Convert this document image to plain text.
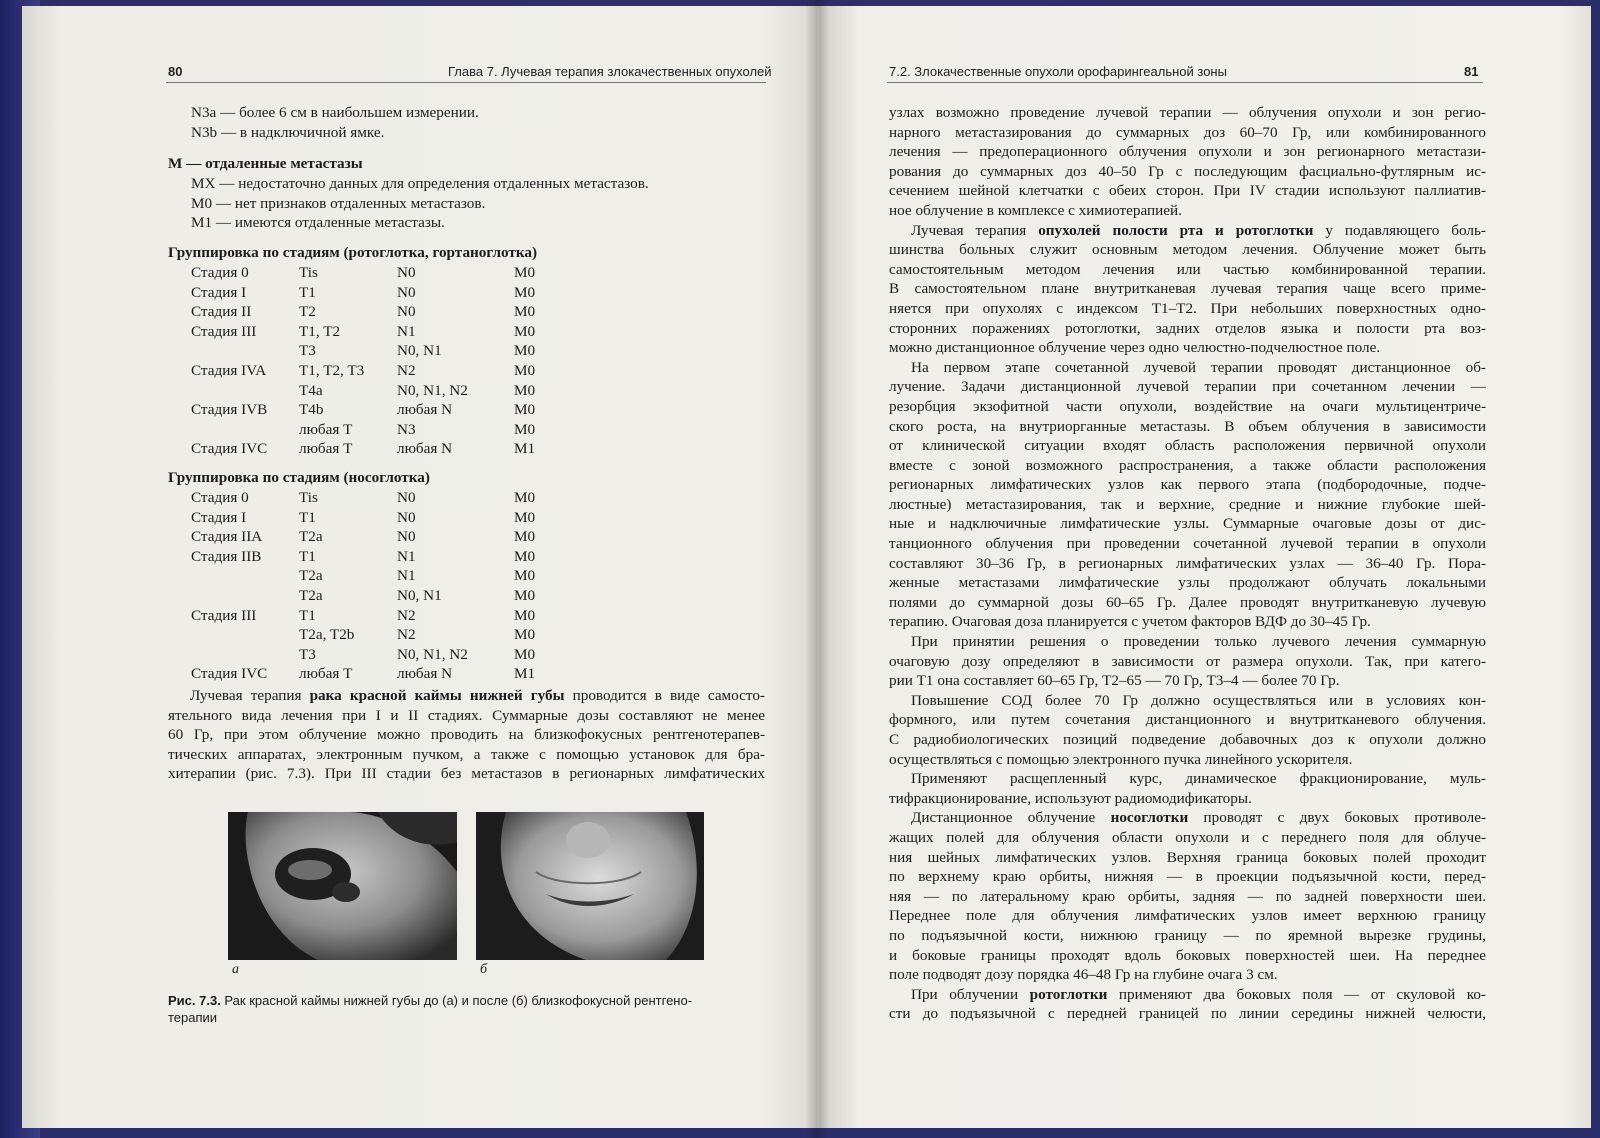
80	Глава 7. Лучевая терапия злокачественных опухолей	7.2. Злокачественные опухоли орофарингеальной зоны	81
N3a — более 6 см в наибольшем измерении.
N3b — в надключичной ямке.
М — отдаленные метастазы
МХ — недостаточно данных для определения отдаленных метастазов.
M0 — нет признаков отдаленных метастазов.
M1 — имеются отдаленные метастазы.
Группировка по стадиям (ротоглотка, гортаноглотка)
Стадия 0	Tis	N0	M0
Стадия I	T1	N0	M0
Стадия II	T2	N0	M0
Стадия III	T1, T2	N1	M0
T3	N0, N1	M0
Стадия IVA	T1, T2, T3	N2	M0
T4a	N0, N1, N2	M0
Стадия IVB	T4b	любая N	M0
любая T	N3	M0
Стадия IVC	любая T	любая N	M1
Группировка по стадиям (носоглотка)
Стадия 0	Tis	N0	M0
Стадия I	T1	N0	M0
Стадия IIA	T2a	N0	M0
Стадия IIB	T1	N1	M0
T2a	N1	M0
T2a	N0, N1	M0
Стадия III	T1	N2	M0
T2a, T2b	N2	M0
T3	N0, N1, N2	M0
Стадия IVC	любая T	любая N	M1
Лучевая терапия рака красной каймы нижней губы проводится в виде самосто-
ятельного вида лечения при I и II стадиях. Суммарные дозы составляют не менее
60 Гр, при этом облучение можно проводить на близкофокусных рентгенотерапев-
тических аппаратах, электронным пучком, а также с помощью установок для бра-
хитерапии (рис. 7.3). При III стадии без метастазов в регионарных лимфатических
а	б
Рис. 7.3. Рак красной каймы нижней губы до (а) и после (б) близкофокусной рентгено-
терапии
узлах возможно проведение лучевой терапии — облучения опухоли и зон регио-
нарного метастазирования до суммарных доз 60–70 Гр, или комбинированного
лечения — предоперационного облучения опухоли и зон регионарного метастази-
рования до суммарных доз 40–50 Гр с последующим фасциально-футлярным ис-
сечением шейной клетчатки с обеих сторон. При IV стадии используют паллиатив-
ное облучение в комплексе с химиотерапией.
Лучевая терапия опухолей полости рта и ротоглотки у подавляющего боль-
шинства больных служит основным методом лечения. Облучение может быть
самостоятельным методом лечения или частью комбинированной терапии.
В самостоятельном плане внутритканевая лучевая терапия чаще всего приме-
няется при опухолях с индексом T1–T2. При небольших поверхностных одно-
сторонних поражениях ротоглотки, задних отделов языка и полости рта воз-
можно дистанционное облучение через одно челюстно-подчелюстное поле.
На первом этапе сочетанной лучевой терапии проводят дистанционное об-
лучение. Задачи дистанционной лучевой терапии при сочетанном лечении —
резорбция экзофитной части опухоли, воздействие на очаги мультицентриче-
ского роста, на внутриорганные метастазы. В объем облучения в зависимости
от клинической ситуации входят область расположения первичной опухоли
вместе с зоной возможного распространения, а также области расположения
регионарных лимфатических узлов как первого этапа (подбородочные, подче-
люстные) метастазирования, так и верхние, средние и нижние глубокие шей-
ные и надключичные лимфатические узлы. Суммарные очаговые дозы от дис-
танционного облучения при проведении сочетанной лучевой терапии в опухоли
составляют 30–36 Гр, в регионарных лимфатических узлах — 36–40 Гр. Пора-
женные метастазами лимфатические узлы продолжают облучать локальными
полями до суммарной дозы 60–65 Гр. Далее проводят внутритканевую лучевую
терапию. Очаговая доза планируется с учетом факторов ВДФ до 30–45 Гр.
При принятии решения о проведении только лучевого лечения суммарную
очаговую дозу определяют в зависимости от размера опухоли. Так, при катего-
рии T1 она составляет 60–65 Гр, T2–65 — 70 Гр, T3–4 — более 70 Гр.
Повышение СОД более 70 Гр должно осуществляться или в условиях кон-
формного, или путем сочетания дистанционного и внутритканевого облучения.
С радиобиологических позиций подведение добавочных доз к опухоли должно
осуществляться с помощью электронного пучка линейного ускорителя.
Применяют расщепленный курс, динамическое фракционирование, муль-
тифракционирование, используют радиомодификаторы.
Дистанционное облучение носоглотки проводят с двух боковых противоле-
жащих полей для облучения области опухоли и с переднего поля для облуче-
ния шейных лимфатических узлов. Верхняя граница боковых полей проходит
по верхнему краю орбиты, нижняя — в проекции подъязычной кости, перед-
няя — по латеральному краю орбиты, задняя — по задней поверхности шеи.
Переднее поле для облучения лимфатических узлов имеет верхнюю границу
по подъязычной кости, нижнюю границу — по яремной вырезке грудины,
и боковые границы проходят вдоль боковых поверхностей шеи. На переднее
поле подводят дозу порядка 46–48 Гр на глубине очага 3 см.
При облучении ротоглотки применяют два боковых поля — от скуловой ко-
сти до подъязычной с передней границей по линии середины нижней челюсти,
